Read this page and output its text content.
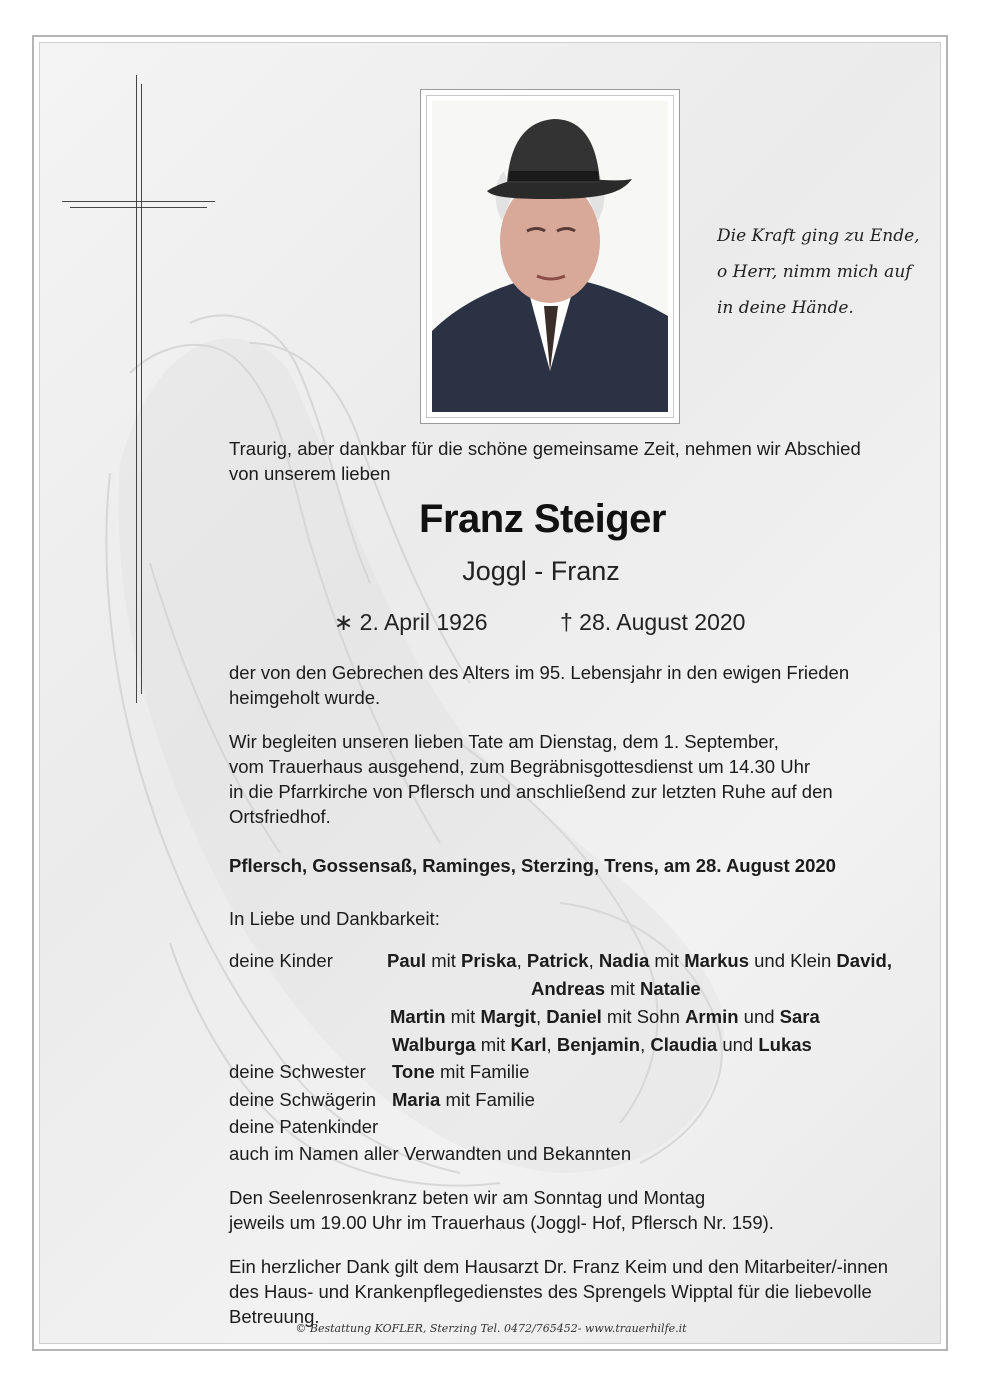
Die Kraft ging zu Ende,
o Herr, nimm mich auf
in deine Hände.
Traurig, aber dankbar für die schöne gemeinsame Zeit, nehmen wir Abschied
von unserem lieben
Franz Steiger
Joggl - Franz
∗ 2. April 1926	† 28. August 2020
der von den Gebrechen des Alters im 95. Lebensjahr in den ewigen Frieden
heimgeholt wurde.
Wir begleiten unseren lieben Tate am Dienstag, dem 1. September,
vom Trauerhaus ausgehend, zum Begräbnisgottesdienst um 14.30 Uhr
in die Pfarrkirche von Pflersch und anschließend zur letzten Ruhe auf den
Ortsfriedhof.
Pflersch, Gossensaß, Raminges, Sterzing, Trens, am 28. August 2020
In Liebe und Dankbarkeit:
deine Kinder	Paul mit Priska, Patrick, Nadia mit Markus und Klein David,
Andreas mit Natalie
Martin mit Margit, Daniel mit Sohn Armin und Sara
Walburga mit Karl, Benjamin, Claudia und Lukas
deine Schwester Tone mit Familie
deine Schwägerin Maria mit Familie
deine Patenkinder
auch im Namen aller Verwandten und Bekannten
Den Seelenrosenkranz beten wir am Sonntag und Montag
jeweils um 19.00 Uhr im Trauerhaus (Joggl- Hof, Pflersch Nr. 159).
Ein herzlicher Dank gilt dem Hausarzt Dr. Franz Keim und den Mitarbeiter/-innen
des Haus- und Krankenpflegedienstes des Sprengels Wipptal für die liebevolle
Betreuung.
© Bestattung KOFLER, Sterzing Tel. 0472/765452- www.trauerhilfe.it
